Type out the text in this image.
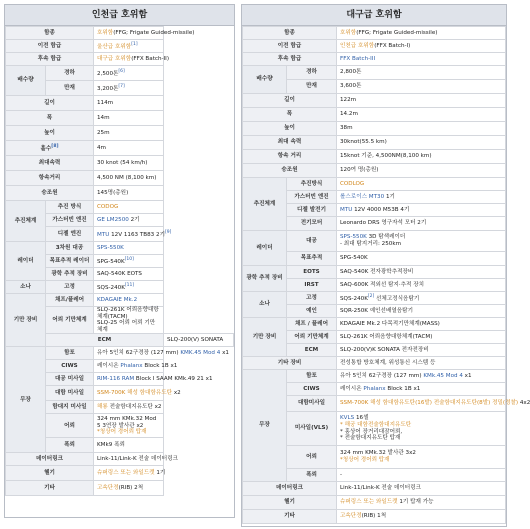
인천급 호위함
함종		호위함(FFG; Frigate Guided-missile)	
이전 함급		울산급 호위함[1]
후속 함급		대구급 호위함(FFX Batch-II)	
배수량	경하	2,500톤[6]
	만재	3,200톤[7]
길이		114m	
폭		14m	
높이		25m	
흘수[8]		4m	
최대속력		30 knot (54 km/h)	
항속거리		4,500 NM (8,100 km)	
승조원		145명(총원)	
추진체계	추진 방식	CODOG	
	가스터빈 엔진	GE LM2500 2기	
	디젤 엔진	MTU 12V 1163 TB83 2기[9]
레이더	3차원 대공	SPS-550K	
	목표추적 레이더	SPG-540K[10]
	광학 추적 장비	SAQ-540K EOTS	
소나	고정	SQS-240K[11]
기만 장비	채프/플레어	KDAGAIE Mk.2	
	어뢰 기만체계	SLQ-261K 어뢰음향대항체계(TACM)
SLQ-25 어뢰 어뢰 기만체계	
	ECM		SLQ-200(V) SONATA
무장	함포	유아 5인치 62구경장 (127 mm) KMK.45 Mod 4 x1	
	CIWS	레이시온 Phalanx Block 1B x1	
	대공 미사일	RIM-116 RAM Block I SAAM KMk.49 21 x1	
	대함 미사일	SSM-700K 해성 함대함유도탄 x2	
	함대지 미사일	해룡 전술함대지유도탄 x2	
	어뢰	324 mm KMk.32 Mod 5 3연장 발사관 x2
*청상어 경어뢰 탑재	
	폭뢰	KMk9 폭뢰	
데이터링크		Link-11/Link-K 전술 데이터링크	
헬기		슈퍼링스 또는 와일드캣 1기	
기타		고속단정(RIB) 2척	
대구급 호위함
함종		호위함(FFG; Frigate Guided-missile)
이전 함급		인천급 호위함(FFX Batch-I)
후속 함급		FFX Batch-III
배수량	경하	2,800톤
	만재	3,600톤
길이		122m
폭		14.2m
높이		38m
최대 속력		30knot(55.5 km)
항속 거리		15knot 기준, 4,500NM(8,100 km)
승조원		120여 명(총원)
추진체계	추진방식	CODLOG
	가스터빈 엔진	롤스로이스 MT30 1기
	디젤 발전기	MTU 12V 4000 M53B 4기
	전기모터	Leonardo DRS 영구자석 모터 2기
레이더	대공	SPS-550K 3D 탐색레이더
- 최대 탐지거리: 250km
	목표추적	SPG-540K
광학 추적 장비	EOTS	SAQ-540K 전자광학추적장비
	IRST	SAQ-600K 적외선 탐지·추적 장치
소나	고정	SQS-240K[2] 선체고정식음탐기
	예인	SQR-250K 예인선배열음탐기
기만 장비	채프 / 플레어	KDAGAIE Mk.2 다목적기만체계(MASS)
	어뢰 기만체계	SLQ-261K 어뢰음향대항체계(TACM)
	ECM	SLQ-200(V)K SONATA 전자전장비
기타 장비		전성통합 방호체계, 위성통신 시스템 등
무장	함포	유아 5인치 62구경장 (127 mm) KMk.45 Mod 4 x1
	CIWS	레이시온 Phalanx Block 1B x1
	대함미사일	SSM-700K 해성 함대함유도탄(16발) 전술함대지유도탄(8발) 정밀(정찰) 4x2
	미사일(VLS)	KVLS 16셀
* 해궁 대함전술함대지유도탄
* 홍상어 장거리대잠어뢰,
* 전술함대지유도탄 탑재
	어뢰	324 mm KMk.32 발사관 3x2
*청상어 경어뢰 탑재
	폭뢰	-
데이터링크		Link-11/Link-K 전술 데이터링크
헬기		슈퍼링스 또는 와일드캣 1기 탑재 가능
기타		고속단정(RIB) 1척
